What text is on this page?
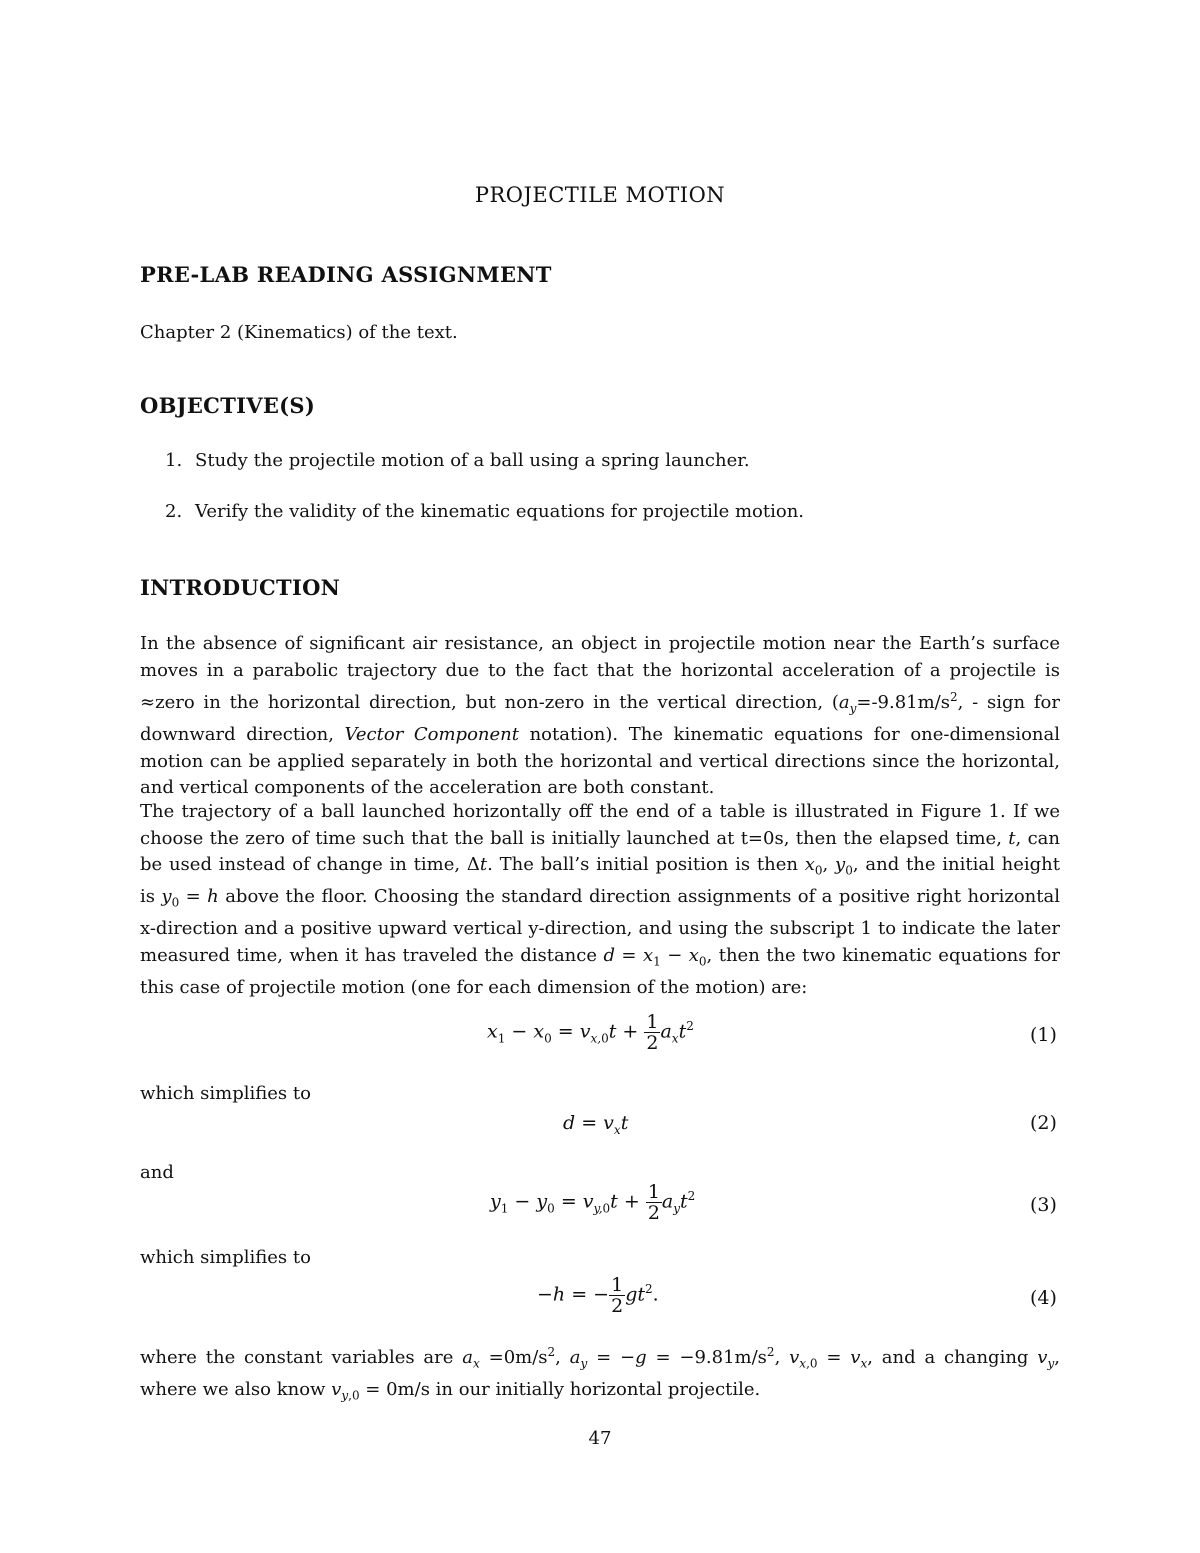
PROJECTILE MOTION
PRE-LAB READING ASSIGNMENT
Chapter 2 (Kinematics) of the text.
OBJECTIVE(S)
1. Study the projectile motion of a ball using a spring launcher.
2. Verify the validity of the kinematic equations for projectile motion.
INTRODUCTION
In the absence of significant air resistance, an object in projectile motion near the Earth’s surface moves in a parabolic trajectory due to the fact that the horizontal acceleration of a projectile is ≈zero in the horizontal direction, but non-zero in the vertical direction, ($a_y=-9.81m/s^2$, - sign for downward direction, Vector Component notation). The kinematic equations for one-dimensional motion can be applied separately in both the horizontal and vertical directions since the horizontal, and vertical components of the acceleration are both constant.
The trajectory of a ball launched horizontally off the end of a table is illustrated in Figure 1. If we choose the zero of time such that the ball is initially launched at t=0s, then the elapsed time, t, can be used instead of change in time, Δt. The ball’s initial position is then $x_0$, $y_0$, and the initial height is $y_0 = h$ above the floor. Choosing the standard direction assignments of a positive right horizontal x-direction and a positive upward vertical y-direction, and using the subscript 1 to indicate the later measured time, when it has traveled the distance $d = x_1 - x_0$, then the two kinematic equations for this case of projectile motion (one for each dimension of the motion) are:
$x_1 - x_0 = v_{x,0}t + \frac{1}{2} a_xt^2$	(1)
which simplifies to
$d = v_xt$	(2)
and
$y_1 - y_0 = v_{y,0}t + \frac{1}{2} a_yt^2$	(3)
which simplifies to
−h = − $\frac{1}{2} gt^2$.	(4)
where the constant variables are $a_x =0m/s^2$, $a_y = -g = -9.81m/s^2$, $v_{x,0} = v_x$, and a changing $v_y$, where we also know $v_{y,0} = 0m/s$ in our initially horizontal projectile.
47
